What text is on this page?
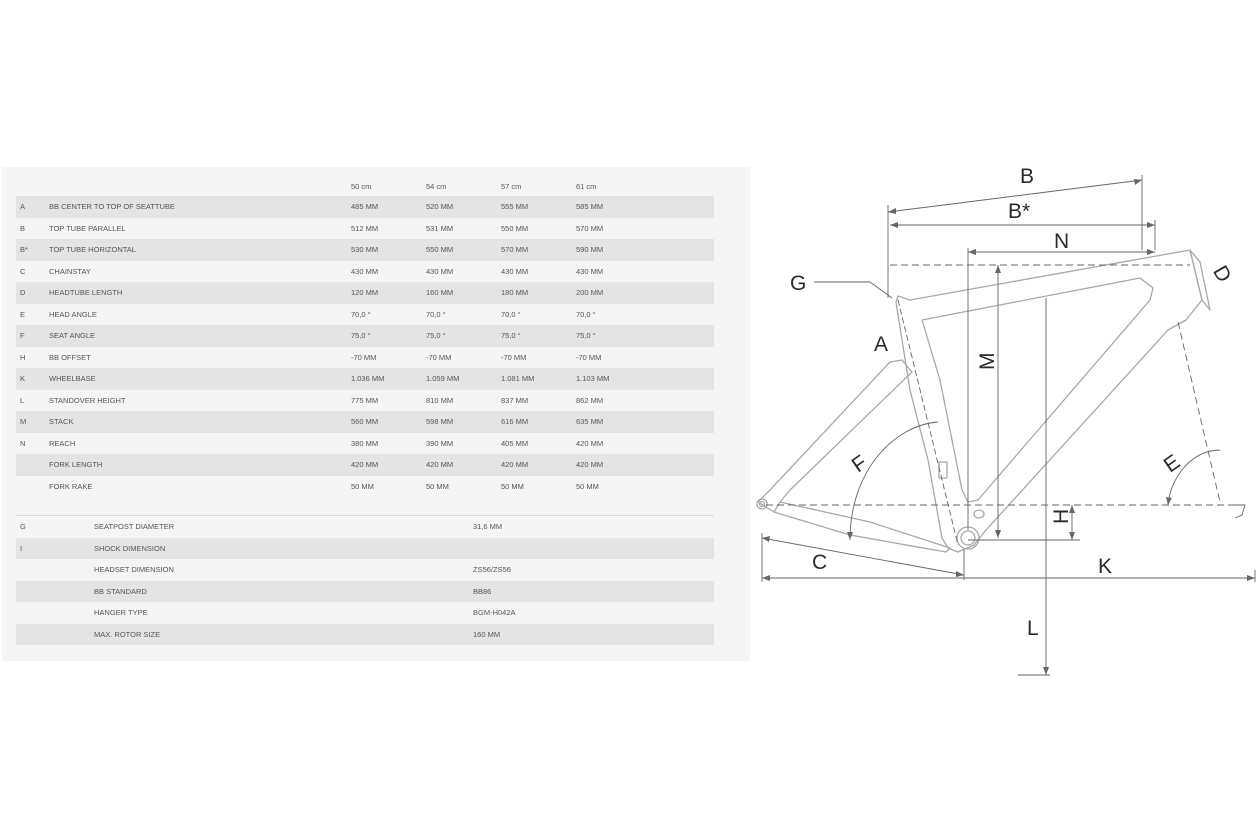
50 cm	54 cm	57 cm	61 cm
A	BB CENTER TO TOP OF SEATTUBE	485 MM	520 MM	555 MM	585 MM
B	TOP TUBE PARALLEL	512 MM	531 MM	550 MM	570 MM
B*	TOP TUBE HORIZONTAL	530 MM	550 MM	570 MM	590 MM
C	CHAINSTAY	430 MM	430 MM	430 MM	430 MM
D	HEADTUBE LENGTH	120 MM	160 MM	180 MM	200 MM
E	HEAD ANGLE	70,0 °	70,0 °	70,0 °	70,0 °
F	SEAT ANGLE	75,0 °	75,0 °	75,0 °	75,0 °
H	BB OFFSET	-70 MM	-70 MM	-70 MM	-70 MM
K	WHEELBASE	1.036 MM	1.059 MM	1.081 MM	1.103 MM
L	STANDOVER HEIGHT	775 MM	810 MM	837 MM	862 MM
M	STACK	560 MM	598 MM	616 MM	635 MM
N	REACH	380 MM	390 MM	405 MM	420 MM
FORK LENGTH	420 MM	420 MM	420 MM	420 MM
FORK RAKE	50 MM	50 MM	50 MM	50 MM
G	SEATPOST DIAMETER	31,6 MM
I	SHOCK DIMENSION
HEADSET DIMENSION	ZS56/ZS56
BB STANDARD	BB86
HANGER TYPE	BGM-H042A
MAX. ROTOR SIZE	160 MM
B
B*
N
G
A
M
D
F	E
H
C	K
L
